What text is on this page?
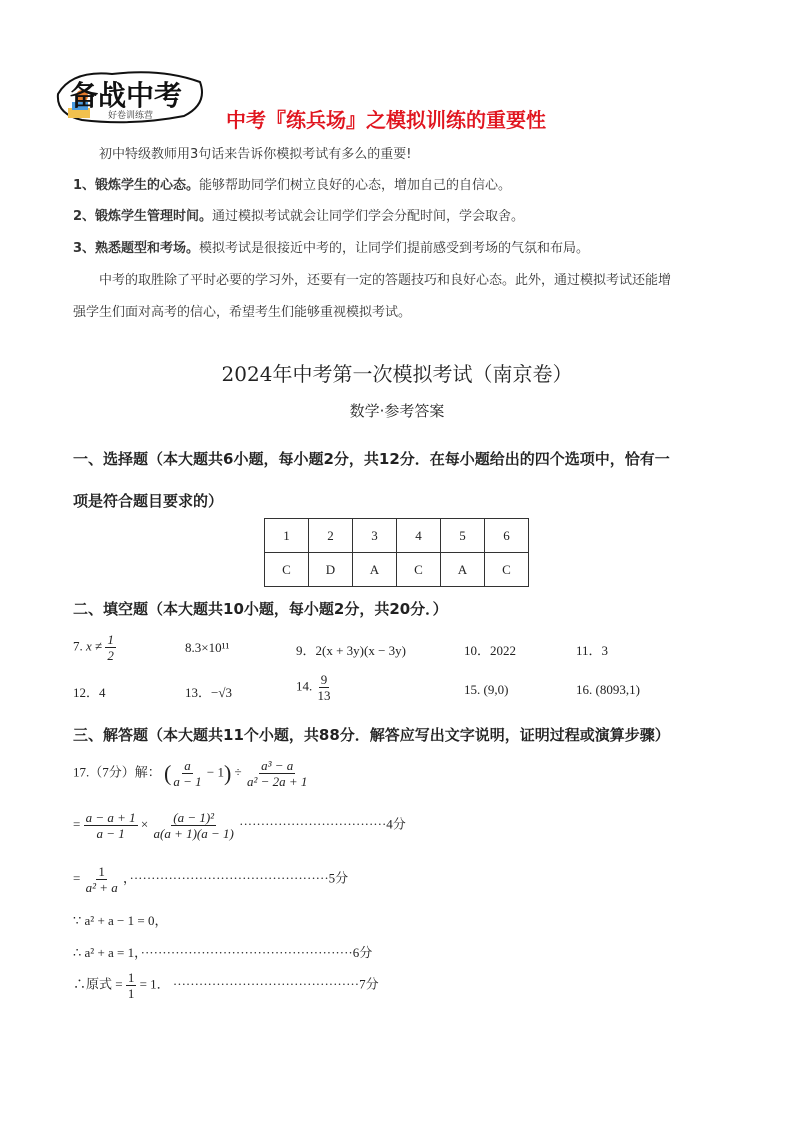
备战中考
好卷训练营	中考『练兵场』之模拟训练的重要性
初中特级教师用3句话来告诉你模拟考试有多么的重要!
1、锻炼学生的心态。能够帮助同学们树立良好的心态，增加自己的自信心。
2、锻炼学生管理时间。通过模拟考试就会让同学们学会分配时间，学会取舍。
3、熟悉题型和考场。模拟考试是很接近中考的，让同学们提前感受到考场的气氛和布局。
中考的取胜除了平时必要的学习外，还要有一定的答题技巧和良好心态。此外，通过模拟考试还能增
强学生们面对高考的信心，希望考生们能够重视模拟考试。
2024年中考第一次模拟考试（南京卷）
数学·参考答案
一、选择题（本大题共6小题，每小题2分，共12分．在每小题给出的四个选项中，恰有一
项是符合题目要求的）
1	2	3	4	5	6
C	D	A	C	A	C
二、填空题（本大题共10小题，每小题2分，共20分．）
7. $x \ne \frac{1}{2}$	8.3×10¹¹	9．2(x + 3y)(x − 3y)	10．2022	11．3
12．4	13．−√3	14. $\frac{9}{13}$	15. (9,0)	16. (8093,1)
三、解答题（本大题共11个小题，共88分．解答应写出文字说明，证明过程或演算步骤）
17.（7分）解： ( $\frac{a}{a - 1} - 1) \div \frac{\text{a³ − a}}{\text{a² − 2a + 1}}$
= $\frac{a - a + 1}{a - 1} \times \frac{\text{(a − 1)²}}{a(a + 1)(a - 1)} \cdot\cdot\cdot\cdot\cdot\cdot\cdot\cdot\cdot\cdot\cdot\cdot\cdot\cdot\cdot\cdot\cdot\cdot\cdot\cdot\cdot\cdot\cdot\cdot\cdot\cdot\cdot\cdot\cdot\cdot\cdot\cdot\cdot\cdot 4$分
= $\frac{1}{\text{a² + a}}$ ，··············································5分
∵ a² + a − 1 = 0，
∴ a² + a = 1，·················································6分
∴原式 = $\frac{1}{1} = 1$． ···········································7分
